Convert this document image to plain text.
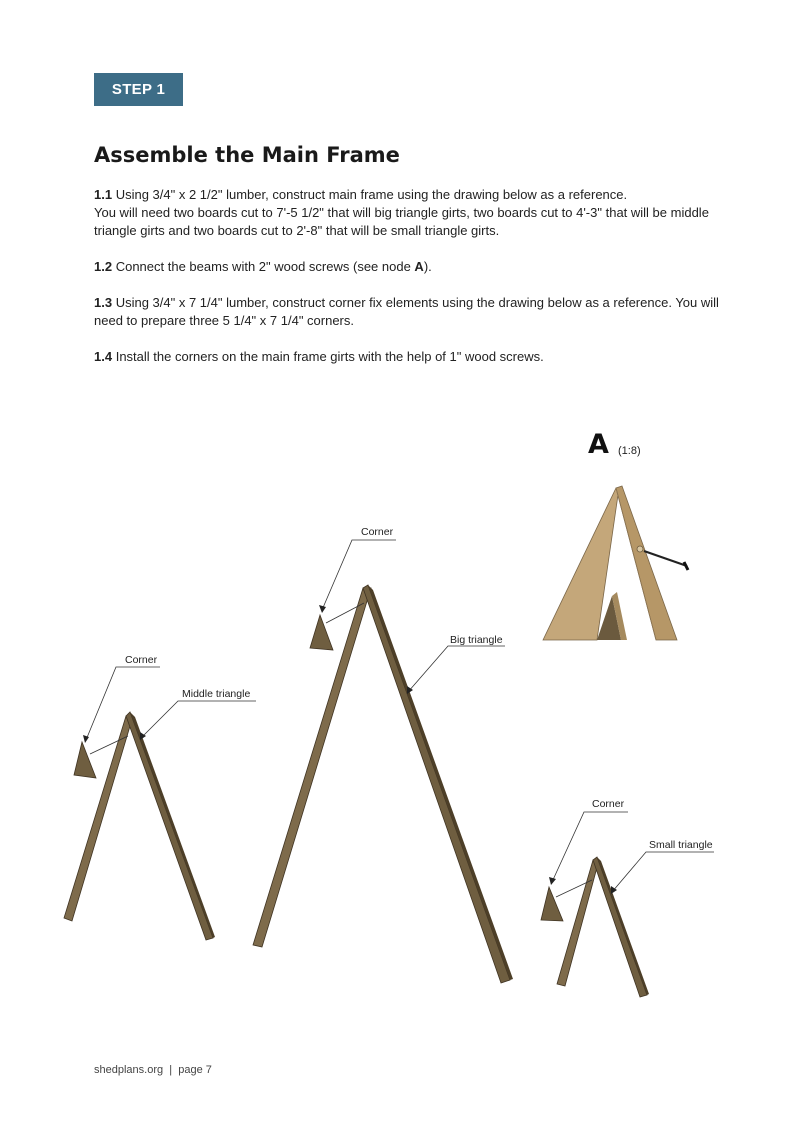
STEP 1
Assemble the Main Frame

1.1 Using 3/4" x 2 1/2" lumber, construct main frame using the drawing below as a reference.
You will need two boards cut to 7'-5 1/2" that will big triangle girts, two boards cut to 4'-3" that will be middle triangle girts and two boards cut to 2'-8" that will be small triangle girts.

1.2 Connect the beams with 2" wood screws (see node A).

1.3 Using 3/4" x 7 1/4" lumber, construct corner fix elements using the drawing below as a reference. You will need to prepare three 5 1/4" x 7 1/4" corners.

1.4 Install the corners on the main frame girts with the help of 1" wood screws.

A (1:8)
Corner
Big triangle
Corner
Middle triangle
Corner
Small triangle
shedplans.org | page 7
